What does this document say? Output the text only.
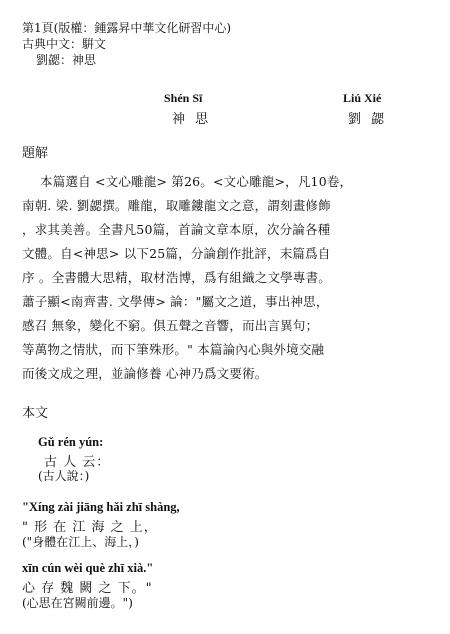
第1頁(版權：鍾露昇中華文化研習中心)
古典中文：騈文
劉勰：神思
Shén Sī
神 思
Liú Xié
劉 勰
題解
本篇選自 <文心雕龍> 第26。<文心雕龍>，凡10卷，
南朝. 梁. 劉勰撰。雕龍，取雕鏤龍文之意，謂刻畫修飾
，求其美善。全書凡50篇，首論文章本原，次分論各種
文體。自<神思> 以下25篇，分論創作批評，末篇爲自
序 。全書體大思精，取材浩博，爲有組織之文學專書。
蕭子顯<南齊書. 文學傳> 論："屬文之道，事出神思，
感召 無象，變化不窮。俱五聲之音響，而出言異句；
等萬物之情狀，而下筆殊形。" 本篇論內心與外境交融
而後文成之理，並論修養 心神乃爲文要術。
本文
Gǔ rén yún:
古 人 云：
(古人說：)
"Xíng zài jiāng hǎi zhī shàng,
" 形 在 江 海 之 上，
("身體在江上、海上，)
xīn cún wèi què zhī xià."
心 存 魏 闕 之 下。"
(心思在宮闕前邊。")
